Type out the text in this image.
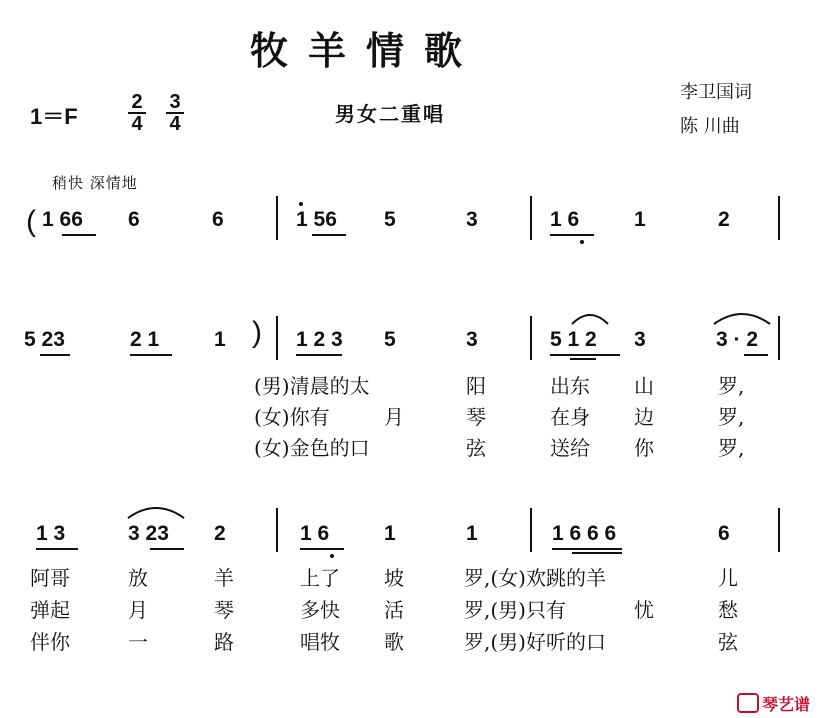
牧羊情歌
1＝F	$\frac{2}{4} \frac{3}{4}$	男女二重唱
李卫国词
陈 川曲
稍快 深情地
( 1 66 6	6	1 56 5	3	1 6	1	2
5 23	2 1	1 ) 1 2 3 5	3	5 1 2 3	3 · 2
(男)清晨的太	阳	出东 山	罗,
(女)你有	月	琴	在身 边	罗,
(女)金色的口	弦	送给 你	罗,
1 3	3 23 2	1 6	1	1	1 6 6 6	6
阿哥	放	羊	上了 坡	罗,(女)欢跳的羊	儿
弹起	月	琴	多快 活	罗,(男)只有	忧	愁
伴你	一	路	唱牧 歌	罗,(男)好听的口	弦
琴艺谱
